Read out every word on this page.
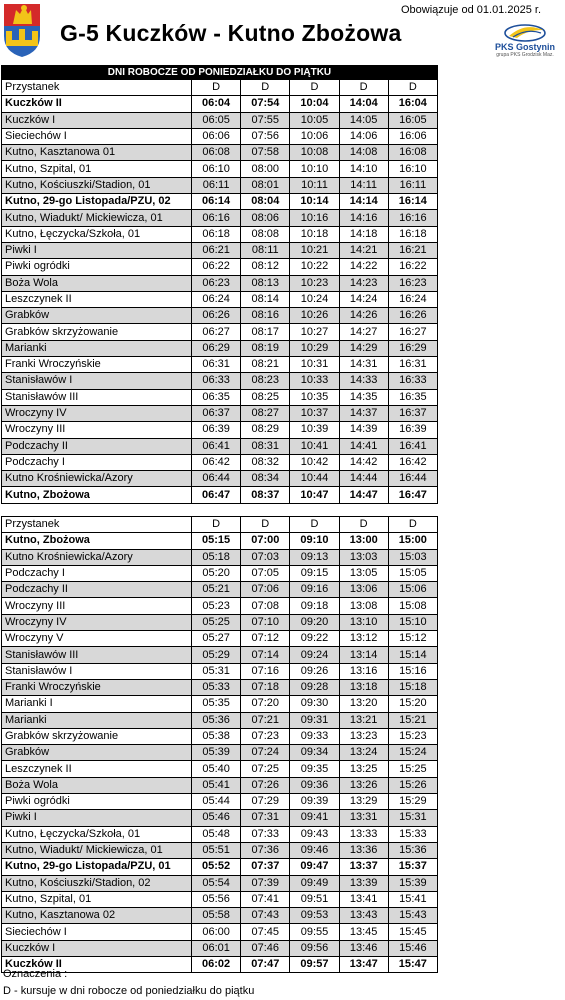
Obowiązuje od 01.01.2025 r.
G-5 Kuczków - Kutno Zbożowa
PKS Gostynin
grupa PKS Grodzisk Maz.
DNI ROBOCZE OD PONIEDZIAŁKU DO PIĄTKU					
Przystanek	D	D	D	D	D
Kuczków II	06:04	07:54	10:04	14:04	16:04
Kuczków I	06:05	07:55	10:05	14:05	16:05
Sieciechów I	06:06	07:56	10:06	14:06	16:06
Kutno, Kasztanowa 01	06:08	07:58	10:08	14:08	16:08
Kutno, Szpital, 01	06:10	08:00	10:10	14:10	16:10
Kutno, Kościuszki/Stadion, 01	06:11	08:01	10:11	14:11	16:11
Kutno, 29-go Listopada/PZU, 02	06:14	08:04	10:14	14:14	16:14
Kutno, Wiadukt/ Mickiewicza, 01	06:16	08:06	10:16	14:16	16:16
Kutno, Łęczycka/Szkoła, 01	06:18	08:08	10:18	14:18	16:18
Piwki I	06:21	08:11	10:21	14:21	16:21
Piwki ogródki	06:22	08:12	10:22	14:22	16:22
Boża Wola	06:23	08:13	10:23	14:23	16:23
Leszczynek II	06:24	08:14	10:24	14:24	16:24
Grabków	06:26	08:16	10:26	14:26	16:26
Grabków skrzyżowanie	06:27	08:17	10:27	14:27	16:27
Marianki	06:29	08:19	10:29	14:29	16:29
Franki Wroczyńskie	06:31	08:21	10:31	14:31	16:31
Stanisławów I	06:33	08:23	10:33	14:33	16:33
Stanisławów III	06:35	08:25	10:35	14:35	16:35
Wroczyny IV	06:37	08:27	10:37	14:37	16:37
Wroczyny III	06:39	08:29	10:39	14:39	16:39
Podczachy II	06:41	08:31	10:41	14:41	16:41
Podczachy I	06:42	08:32	10:42	14:42	16:42
Kutno Krośniewicka/Azory	06:44	08:34	10:44	14:44	16:44
Kutno, Zbożowa	06:47	08:37	10:47	14:47	16:47
Przystanek	D	D	D	D	D
Kutno, Zbożowa	05:15	07:00	09:10	13:00	15:00
Kutno Krośniewicka/Azory	05:18	07:03	09:13	13:03	15:03
Podczachy I	05:20	07:05	09:15	13:05	15:05
Podczachy II	05:21	07:06	09:16	13:06	15:06
Wroczyny III	05:23	07:08	09:18	13:08	15:08
Wroczyny IV	05:25	07:10	09:20	13:10	15:10
Wroczyny V	05:27	07:12	09:22	13:12	15:12
Stanisławów III	05:29	07:14	09:24	13:14	15:14
Stanisławów I	05:31	07:16	09:26	13:16	15:16
Franki Wroczyńskie	05:33	07:18	09:28	13:18	15:18
Marianki I	05:35	07:20	09:30	13:20	15:20
Marianki	05:36	07:21	09:31	13:21	15:21
Grabków skrzyżowanie	05:38	07:23	09:33	13:23	15:23
Grabków	05:39	07:24	09:34	13:24	15:24
Leszczynek II	05:40	07:25	09:35	13:25	15:25
Boża Wola	05:41	07:26	09:36	13:26	15:26
Piwki ogródki	05:44	07:29	09:39	13:29	15:29
Piwki I	05:46	07:31	09:41	13:31	15:31
Kutno, Łęczycka/Szkoła, 01	05:48	07:33	09:43	13:33	15:33
Kutno, Wiadukt/ Mickiewicza, 01	05:51	07:36	09:46	13:36	15:36
Kutno, 29-go Listopada/PZU, 01	05:52	07:37	09:47	13:37	15:37
Kutno, Kościuszki/Stadion, 02	05:54	07:39	09:49	13:39	15:39
Kutno, Szpital, 01	05:56	07:41	09:51	13:41	15:41
Kutno, Kasztanowa 02	05:58	07:43	09:53	13:43	15:43
Sieciechów I	06:00	07:45	09:55	13:45	15:45
Kuczków I	06:01	07:46	09:56	13:46	15:46
Kuczków II	06:02	07:47	09:57	13:47	15:47
Oznaczenia :
D - kursuje w dni robocze od poniedziałku do piątku
